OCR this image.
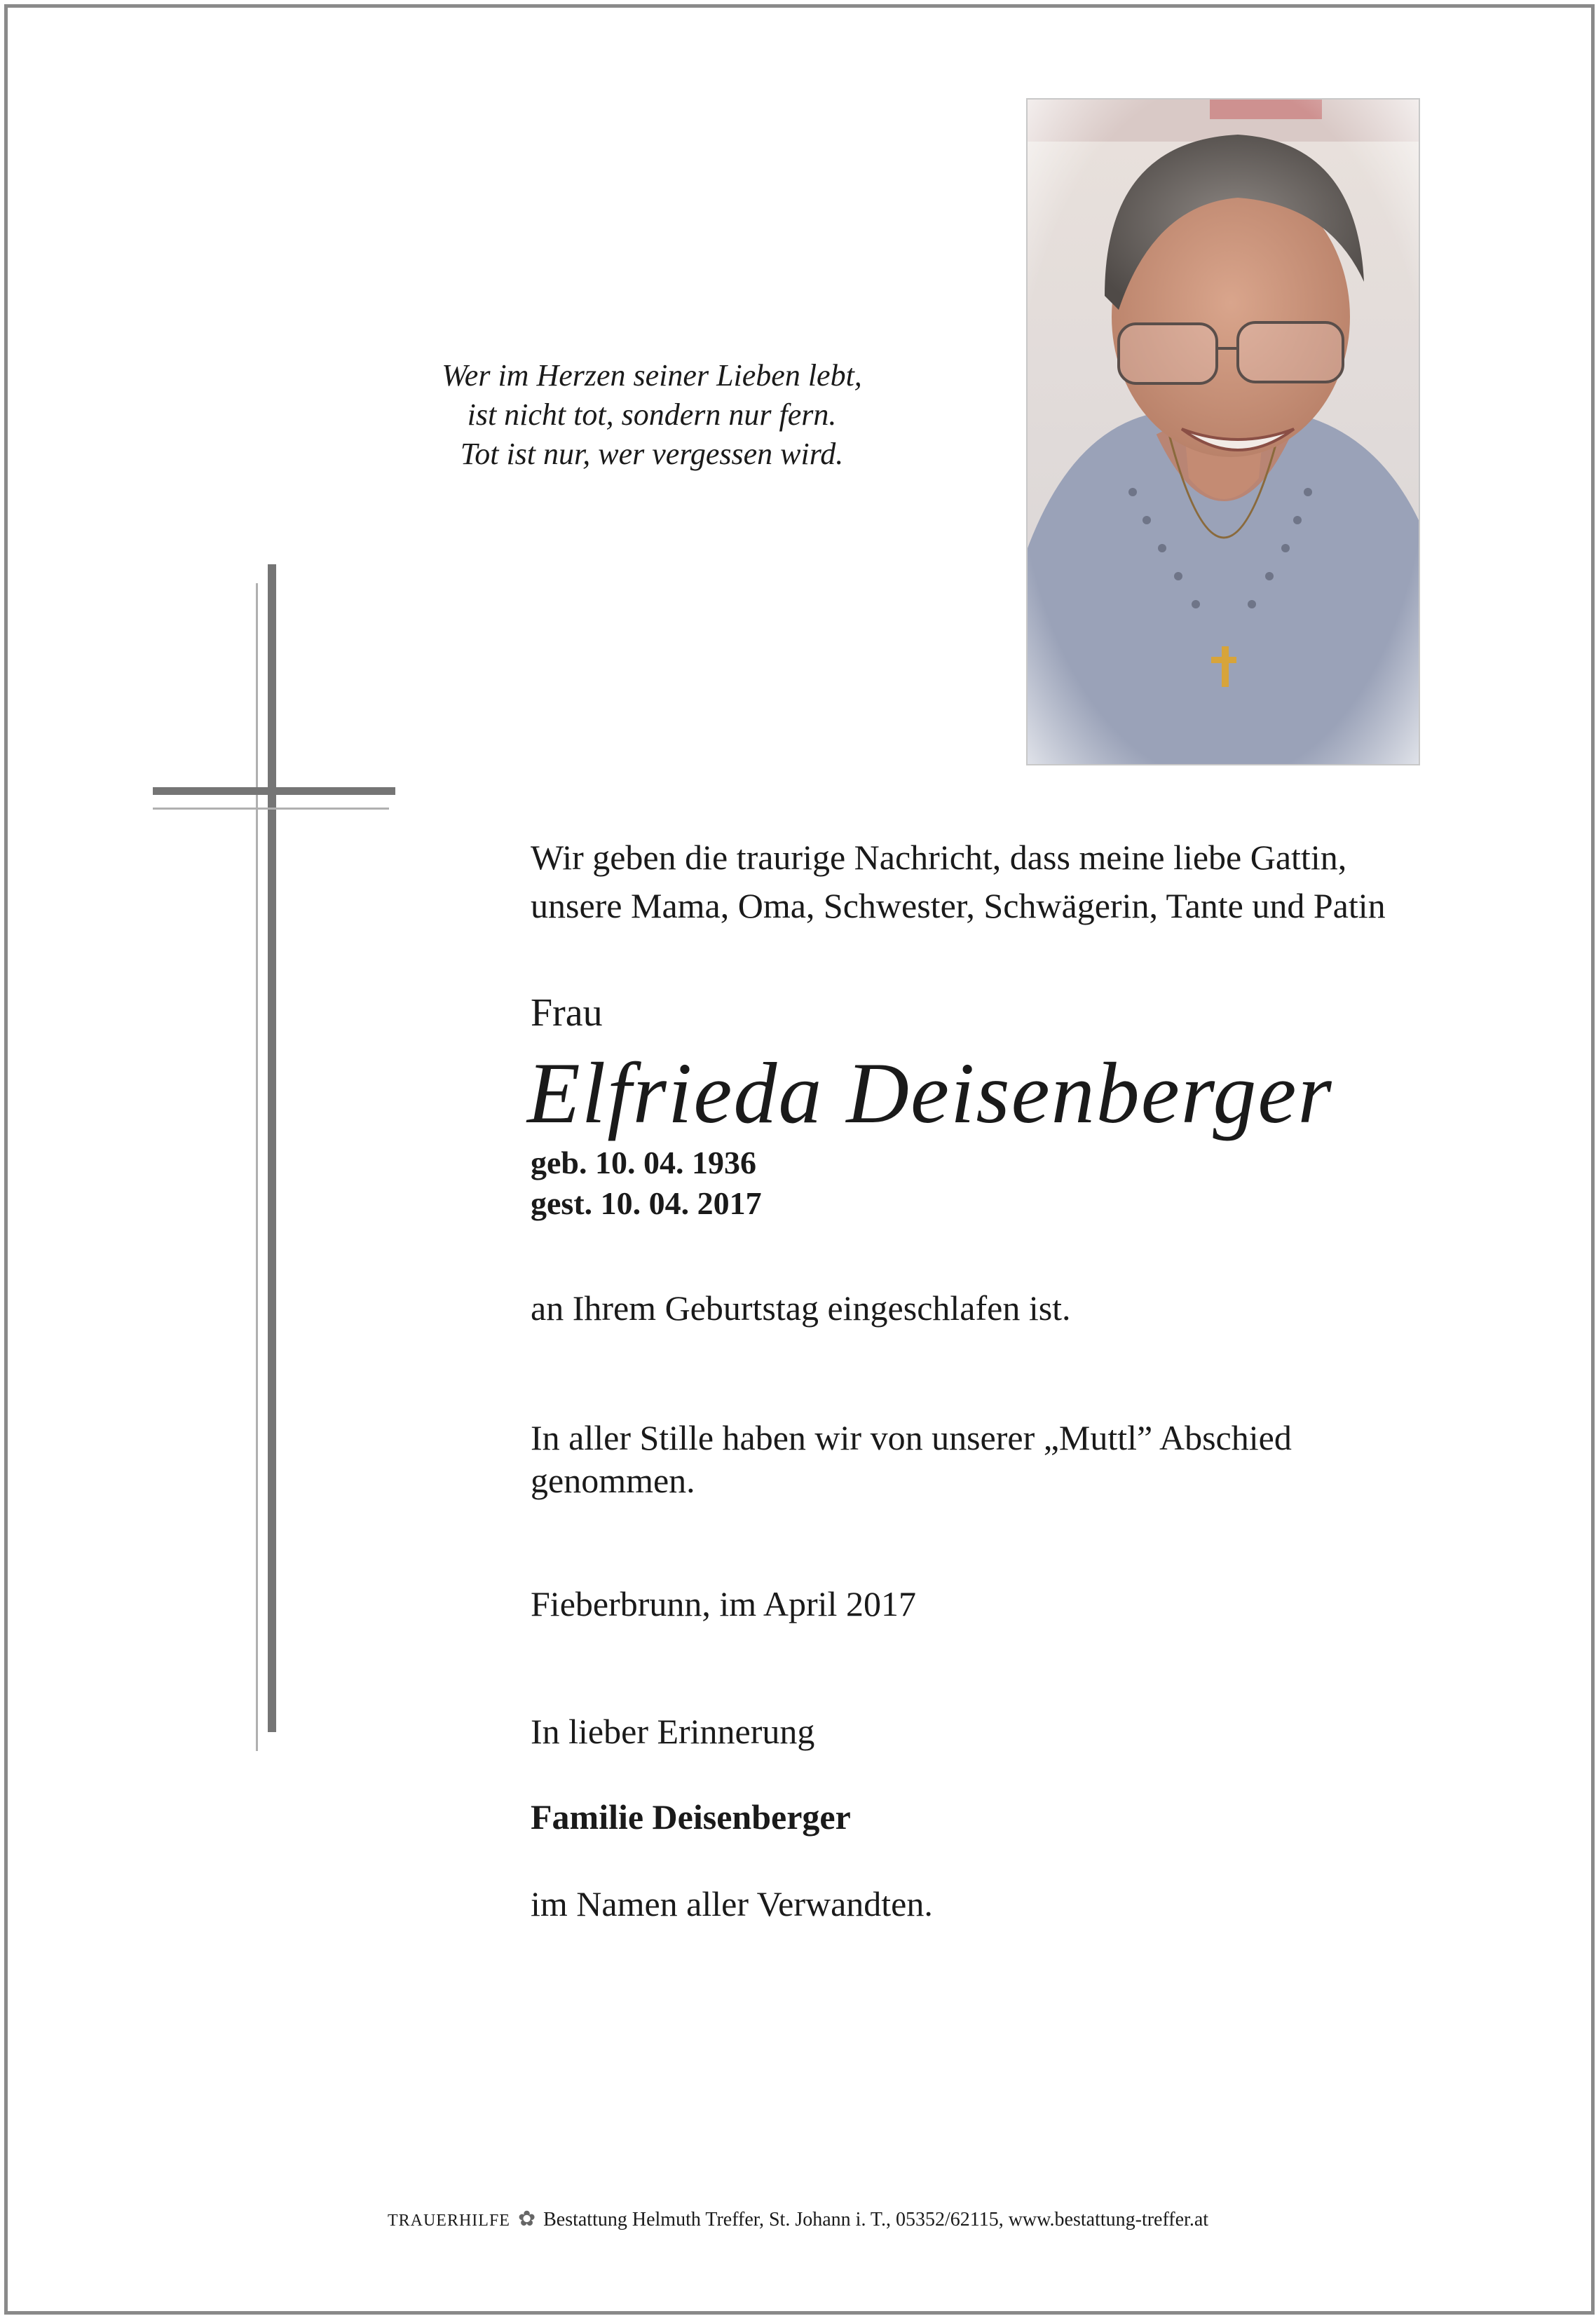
Wer im Herzen seiner Lieben lebt,
ist nicht tot, sondern nur fern.
Tot ist nur, wer vergessen wird.
Wir geben die traurige Nachricht, dass meine liebe Gattin,
unsere Mama, Oma, Schwester, Schwägerin, Tante und Patin
Frau
Elfrieda Deisenberger
geb. 10. 04. 1936
gest. 10. 04. 2017
an Ihrem Geburtstag eingeschlafen ist.
In aller Stille haben wir von unserer „Muttl” Abschied
genommen.
Fieberbrunn, im April 2017
In lieber Erinnerung
Familie Deisenberger
im Namen aller Verwandten.
TRAUERHILFE ✿ Bestattung Helmuth Treffer, St. Johann i. T., 05352/62115, www.bestattung-treffer.at
